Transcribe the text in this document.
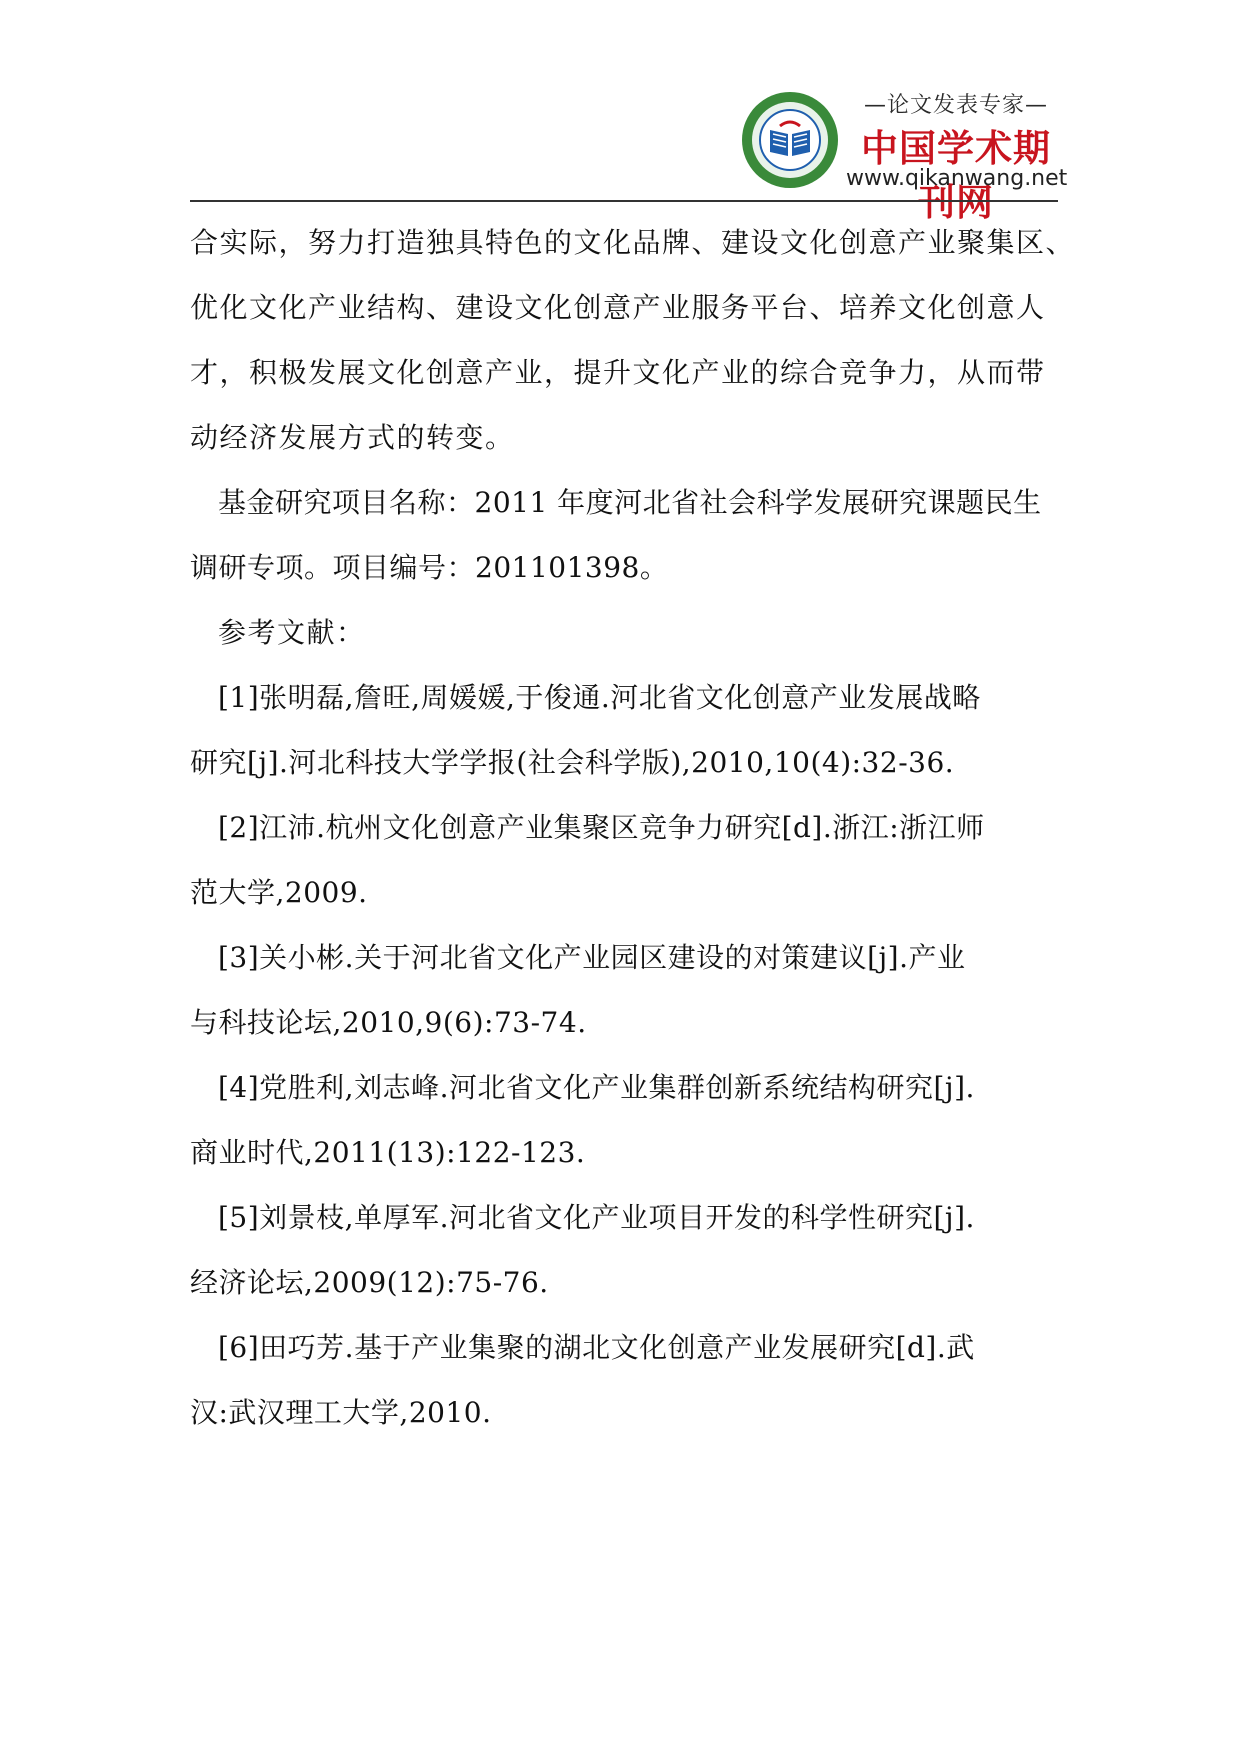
—论文发表专家—
中国学术期刊网
www.qikanwang.net
合实际，努力打造独具特色的文化品牌、建设文化创意产业聚集区、
优化文化产业结构、建设文化创意产业服务平台、培养文化创意人
才，积极发展文化创意产业，提升文化产业的综合竞争力，从而带
动经济发展方式的转变。
基金研究项目名称：2011 年度河北省社会科学发展研究课题民生
调研专项。项目编号：201101398。
参考文献：
[1]张明磊,詹旺,周媛媛,于俊通.河北省文化创意产业发展战略
研究[j].河北科技大学学报(社会科学版),2010,10(4):32-36.
[2]江沛.杭州文化创意产业集聚区竞争力研究[d].浙江:浙江师
范大学,2009.
[3]关小彬.关于河北省文化产业园区建设的对策建议[j].产业
与科技论坛,2010,9(6):73-74.
[4]党胜利,刘志峰.河北省文化产业集群创新系统结构研究[j].
商业时代,2011(13):122-123.
[5]刘景枝,单厚军.河北省文化产业项目开发的科学性研究[j].
经济论坛,2009(12):75-76.
[6]田巧芳.基于产业集聚的湖北文化创意产业发展研究[d].武
汉:武汉理工大学,2010.
